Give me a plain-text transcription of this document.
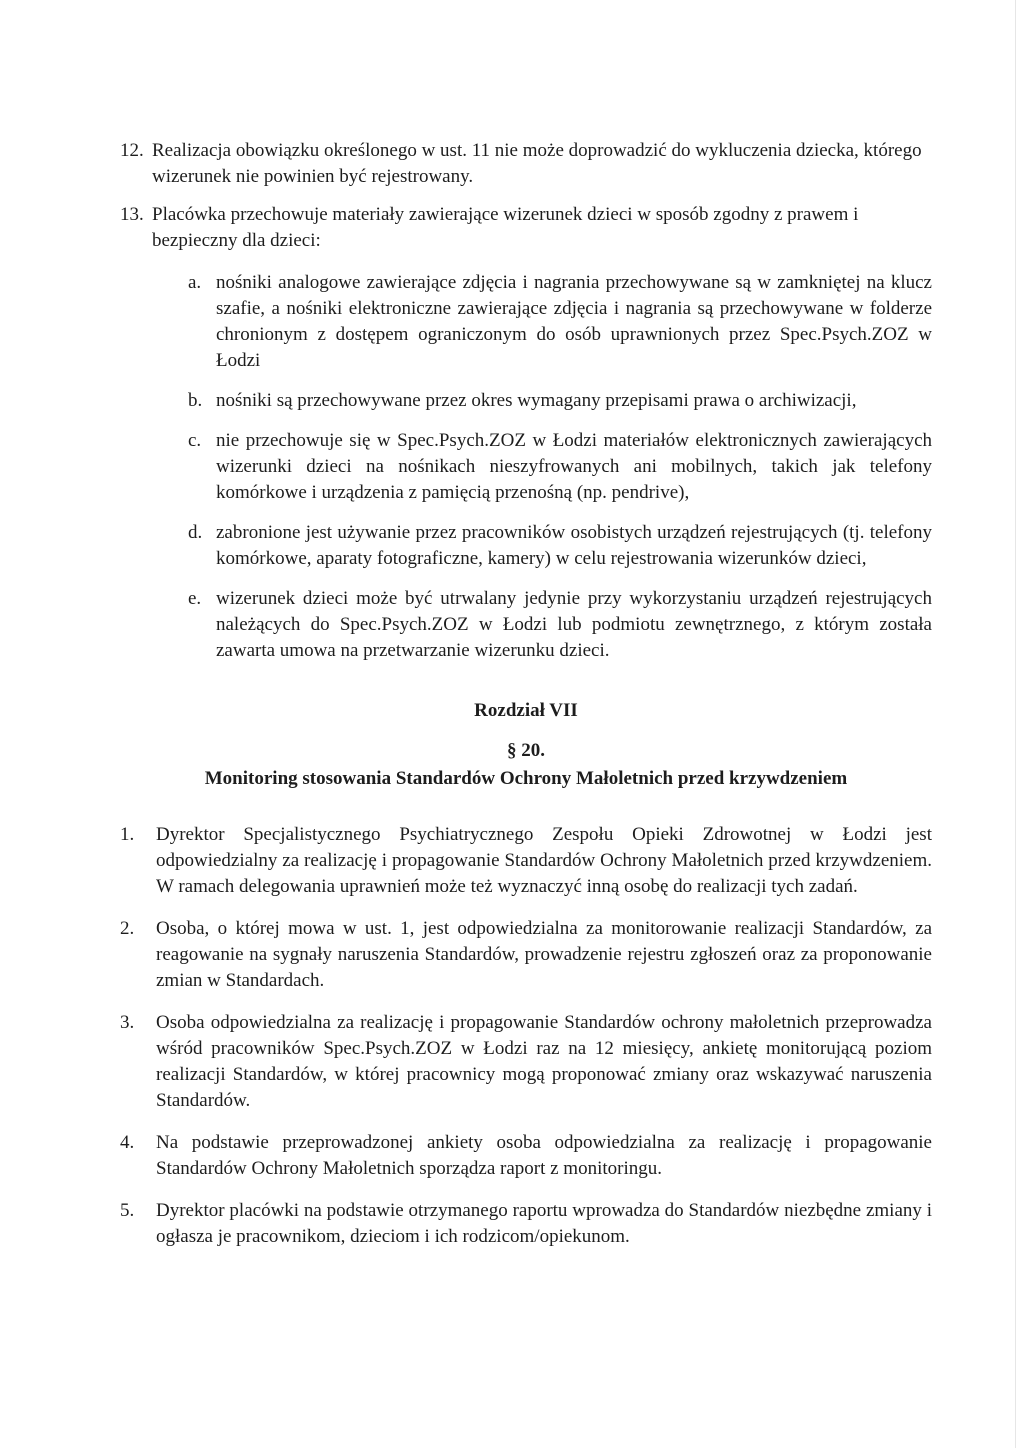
12. Realizacja obowiązku określonego w ust. 11 nie może doprowadzić do wykluczenia dziecka, którego wizerunek nie powinien być rejestrowany.
13. Placówka przechowuje materiały zawierające wizerunek dzieci w sposób zgodny z prawem i bezpieczny dla dzieci:
a. nośniki analogowe zawierające zdjęcia i nagrania przechowywane są w zamkniętej na klucz szafie, a nośniki elektroniczne zawierające zdjęcia i nagrania są przechowywane w folderze chronionym z dostępem ograniczonym do osób uprawnionych przez Spec.Psych.ZOZ w Łodzi
b. nośniki są przechowywane przez okres wymagany przepisami prawa o archiwizacji,
c. nie przechowuje się w Spec.Psych.ZOZ w Łodzi materiałów elektronicznych zawierających wizerunki dzieci na nośnikach nieszyfrowanych ani mobilnych, takich jak telefony komórkowe i urządzenia z pamięcią przenośną (np. pendrive),
d. zabronione jest używanie przez pracowników osobistych urządzeń rejestrujących (tj. telefony komórkowe, aparaty fotograficzne, kamery) w celu rejestrowania wizerunków dzieci,
e. wizerunek dzieci może być utrwalany jedynie przy wykorzystaniu urządzeń rejestrujących należących do Spec.Psych.ZOZ w Łodzi lub podmiotu zewnętrznego, z którym została zawarta umowa na przetwarzanie wizerunku dzieci.
Rozdział VII
§ 20.
Monitoring stosowania Standardów Ochrony Małoletnich przed krzywdzeniem
1.	Dyrektor Specjalistycznego Psychiatrycznego Zespołu Opieki Zdrowotnej w Łodzi jest odpowiedzialny za realizację i propagowanie Standardów Ochrony Małoletnich przed krzywdzeniem. W ramach delegowania uprawnień może też wyznaczyć inną osobę do realizacji tych zadań.
2.	Osoba, o której mowa w ust. 1, jest odpowiedzialna za monitorowanie realizacji Standardów, za reagowanie na sygnały naruszenia Standardów, prowadzenie rejestru zgłoszeń oraz za proponowanie zmian w Standardach.
3.	Osoba odpowiedzialna za realizację i propagowanie Standardów ochrony małoletnich przeprowadza wśród pracowników Spec.Psych.ZOZ w Łodzi raz na 12 miesięcy, ankietę monitorującą poziom realizacji Standardów, w której pracownicy mogą proponować zmiany oraz wskazywać naruszenia Standardów.
4.	Na podstawie przeprowadzonej ankiety osoba odpowiedzialna za realizację i propagowanie Standardów Ochrony Małoletnich sporządza raport z monitoringu.
5.	Dyrektor placówki na podstawie otrzymanego raportu wprowadza do Standardów niezbędne zmiany i ogłasza je pracownikom, dzieciom i ich rodzicom/opiekunom.
